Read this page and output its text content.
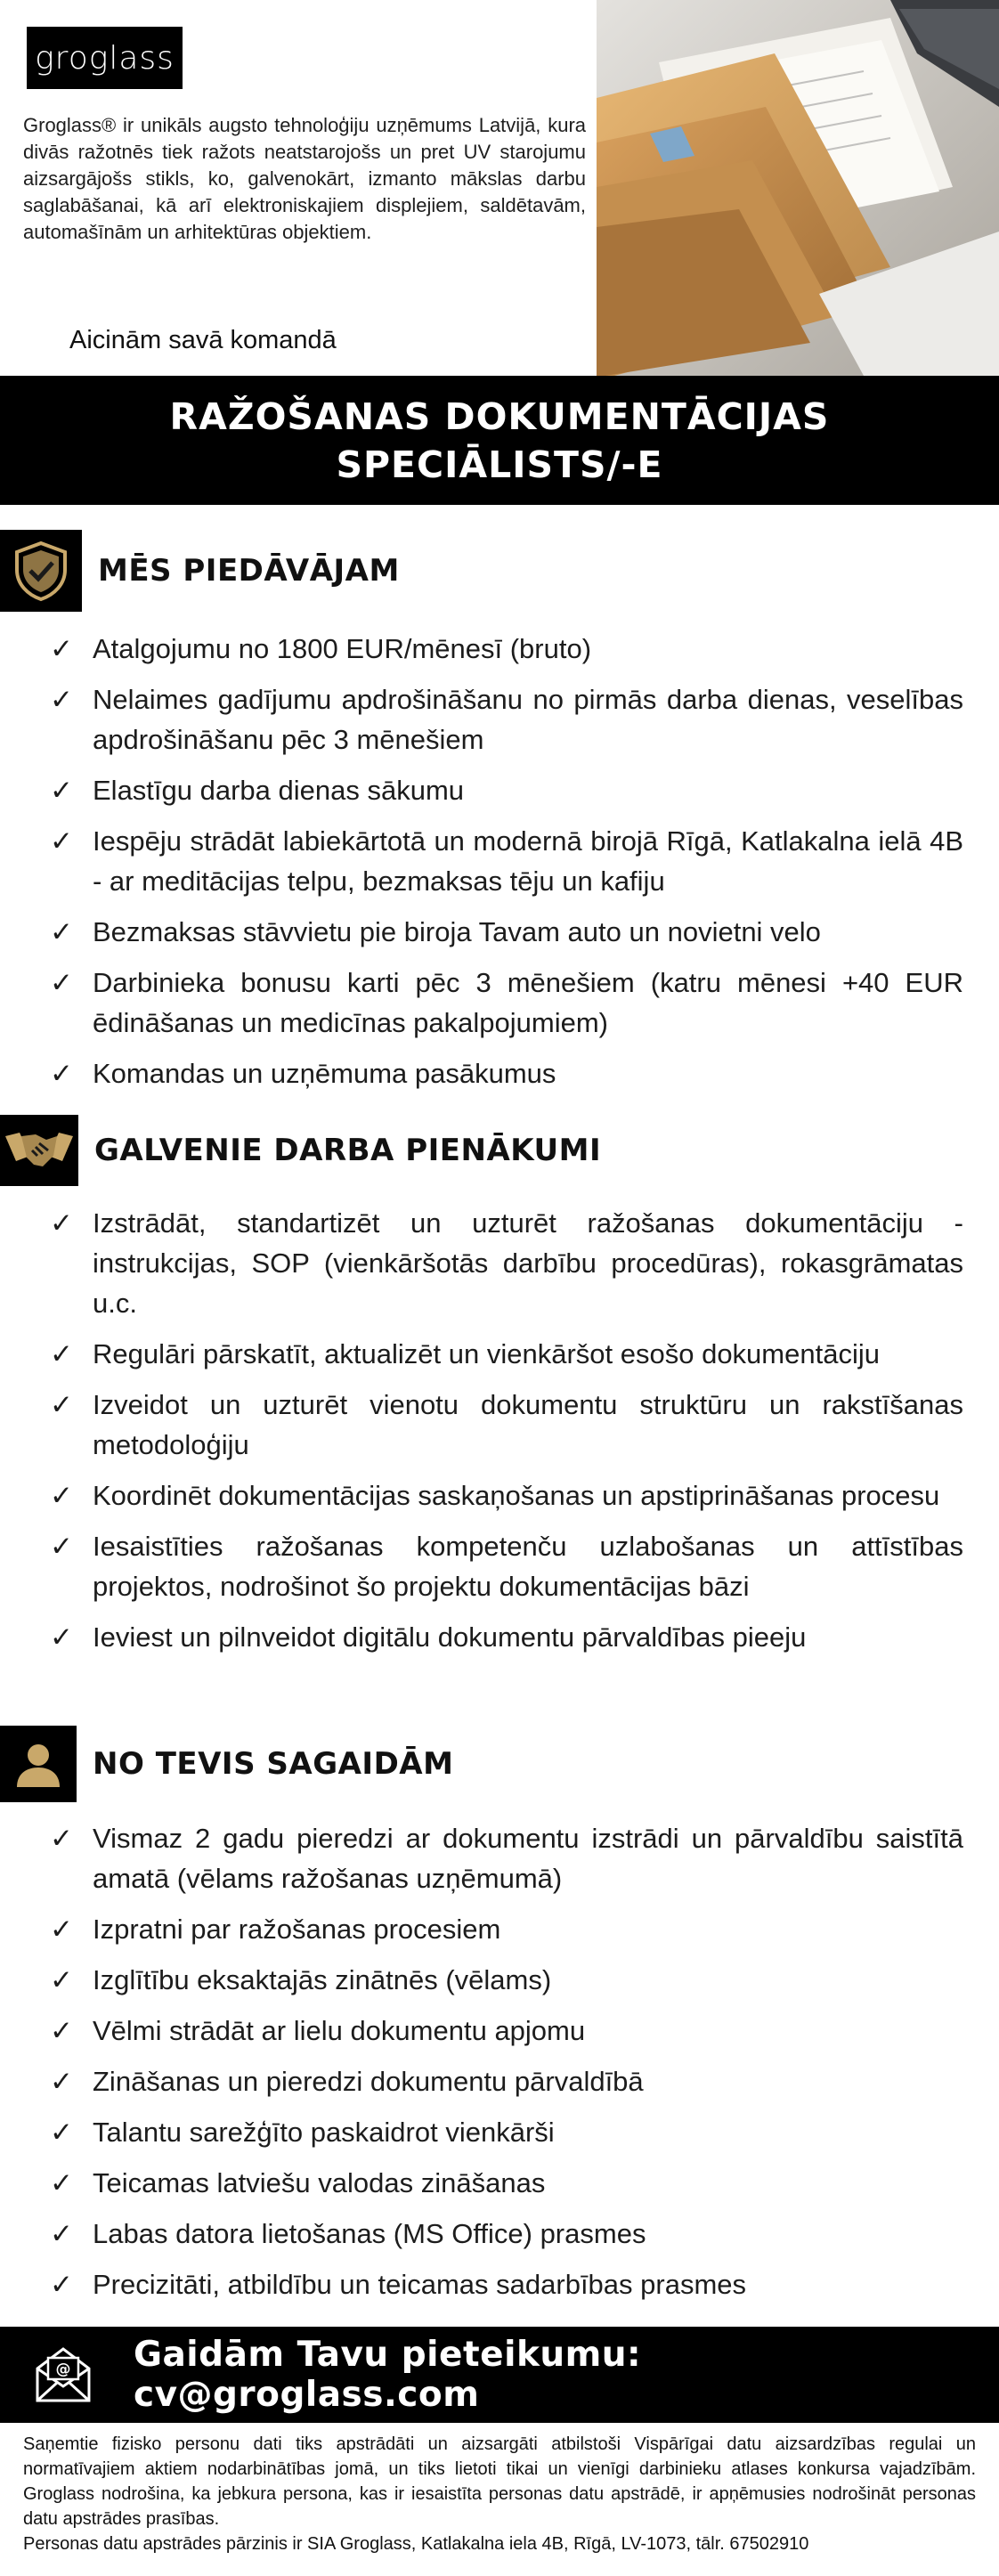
groglass
Groglass® ir unikāls augsto tehnoloģiju uzņēmums Latvijā, kura divās ražotnēs tiek ražots neatstarojošs un pret UV starojumu aizsargājošs stikls, ko, galvenokārt, izmanto mākslas darbu saglabāšanai, kā arī elektroniskajiem displejiem, saldētavām, automašīnām un arhitektūras objektiem.
Aicinām savā komandā
RAŽOŠANAS DOKUMENTĀCIJAS
SPECIĀLISTS/-E
MĒS PIEDĀVĀJAM
✓ Atalgojumu no 1800 EUR/mēnesī (bruto)
✓ Nelaimes gadījumu apdrošināšanu no pirmās darba dienas, veselības apdrošināšanu pēc 3 mēnešiem
✓ Elastīgu darba dienas sākumu
✓ Iespēju strādāt labiekārtotā un modernā birojā Rīgā, Katlakalna ielā 4B - ar meditācijas telpu, bezmaksas tēju un kafiju
✓ Bezmaksas stāvvietu pie biroja Tavam auto un novietni velo
✓ Darbinieka bonusu karti pēc 3 mēnešiem (katru mēnesi +40 EUR ēdināšanas un medicīnas pakalpojumiem)
✓ Komandas un uzņēmuma pasākumus
GALVENIE DARBA PIENĀKUMI
✓ Izstrādāt, standartizēt un uzturēt ražošanas dokumentāciju - instrukcijas, SOP (vienkāršotās darbību procedūras), rokasgrāmatas u.c.
✓ Regulāri pārskatīt, aktualizēt un vienkāršot esošo dokumentāciju
✓ Izveidot un uzturēt vienotu dokumentu struktūru un rakstīšanas metodoloģiju
✓ Koordinēt dokumentācijas saskaņošanas un apstiprināšanas procesu
✓ Iesaistīties ražošanas kompetenču uzlabošanas un attīstības projektos, nodrošinot šo projektu dokumentācijas bāzi
✓ Ieviest un pilnveidot digitālu dokumentu pārvaldības pieeju
NO TEVIS SAGAIDĀM
✓ Vismaz 2 gadu pieredzi ar dokumentu izstrādi un pārvaldību saistītā amatā (vēlams ražošanas uzņēmumā)
✓ Izpratni par ražošanas procesiem
✓ Izglītību eksaktajās zinātnēs (vēlams)
✓ Vēlmi strādāt ar lielu dokumentu apjomu
✓ Zināšanas un pieredzi dokumentu pārvaldībā
✓ Talantu sarežģīto paskaidrot vienkārši
✓ Teicamas latviešu valodas zināšanas
✓ Labas datora lietošanas (MS Office) prasmes
✓ Precizitāti, atbildību un teicamas sadarbības prasmes
@ Gaidām Tavu pieteikumu: cv@groglass.com
Saņemtie fizisko personu dati tiks apstrādāti un aizsargāti atbilstoši Vispārīgai datu aizsardzības regulai un normatīvajiem aktiem nodarbinātības jomā, un tiks lietoti tikai un vienīgi darbinieku atlases konkursa vajadzībām. Groglass nodrošina, ka jebkura persona, kas ir iesaistīta personas datu apstrādē, ir apņēmusies nodrošināt personas datu apstrādes prasības.
Personas datu apstrādes pārzinis ir SIA Groglass, Katlakalna iela 4B, Rīgā, LV-1073, tālr. 67502910
